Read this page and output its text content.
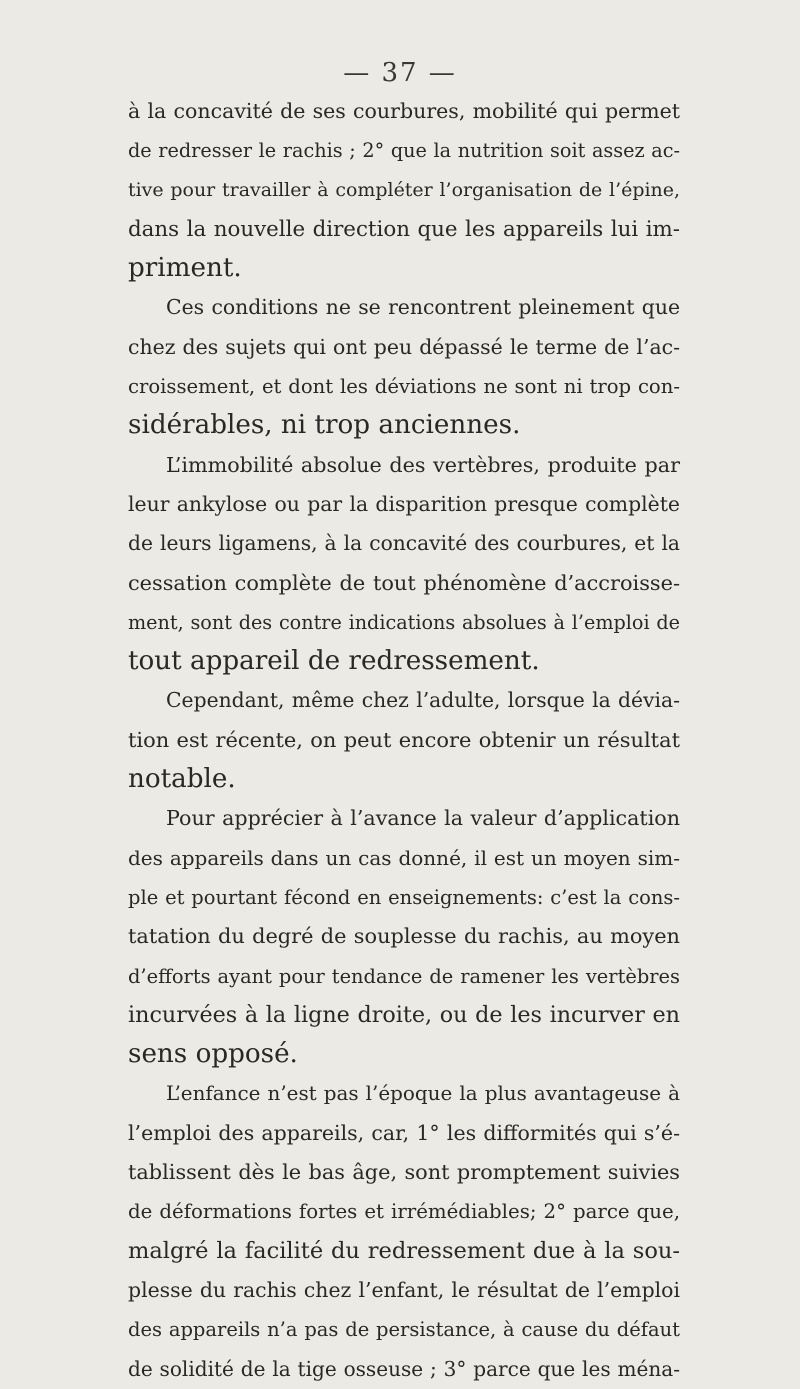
— 37 —
à la concavité de ses courbures, mobilité qui permet
de redresser le rachis ; 2° que la nutrition soit assez ac-
tive pour travailler à compléter l’organisation de l’épine,
dans la nouvelle direction que les appareils lui im-
priment.
Ces conditions ne se rencontrent pleinement que
chez des sujets qui ont peu dépassé le terme de l’ac-
croissement, et dont les déviations ne sont ni trop con-
sidérables, ni trop anciennes.
L’immobilité absolue des vertèbres, produite par
leur ankylose ou par la disparition presque complète
de leurs ligamens, à la concavité des courbures, et la
cessation complète de tout phénomène d’accroisse-
ment, sont des contre indications absolues à l’emploi de
tout appareil de redressement.
Cependant, même chez l’adulte, lorsque la dévia-
tion est récente, on peut encore obtenir un résultat
notable.
Pour apprécier à l’avance la valeur d’application
des appareils dans un cas donné, il est un moyen sim-
ple et pourtant fécond en enseignements: c’est la cons-
tatation du degré de souplesse du rachis, au moyen
d’efforts ayant pour tendance de ramener les vertèbres
incurvées à la ligne droite, ou de les incurver en
sens opposé.
L’enfance n’est pas l’époque la plus avantageuse à
l’emploi des appareils, car, 1° les difformités qui s’é-
tablissent dès le bas âge, sont promptement suivies
de déformations fortes et irrémédiables; 2° parce que,
malgré la facilité du redressement due à la sou-
plesse du rachis chez l’enfant, le résultat de l’emploi
des appareils n’a pas de persistance, à cause du défaut
de solidité de la tige osseuse ; 3° parce que les ména-
